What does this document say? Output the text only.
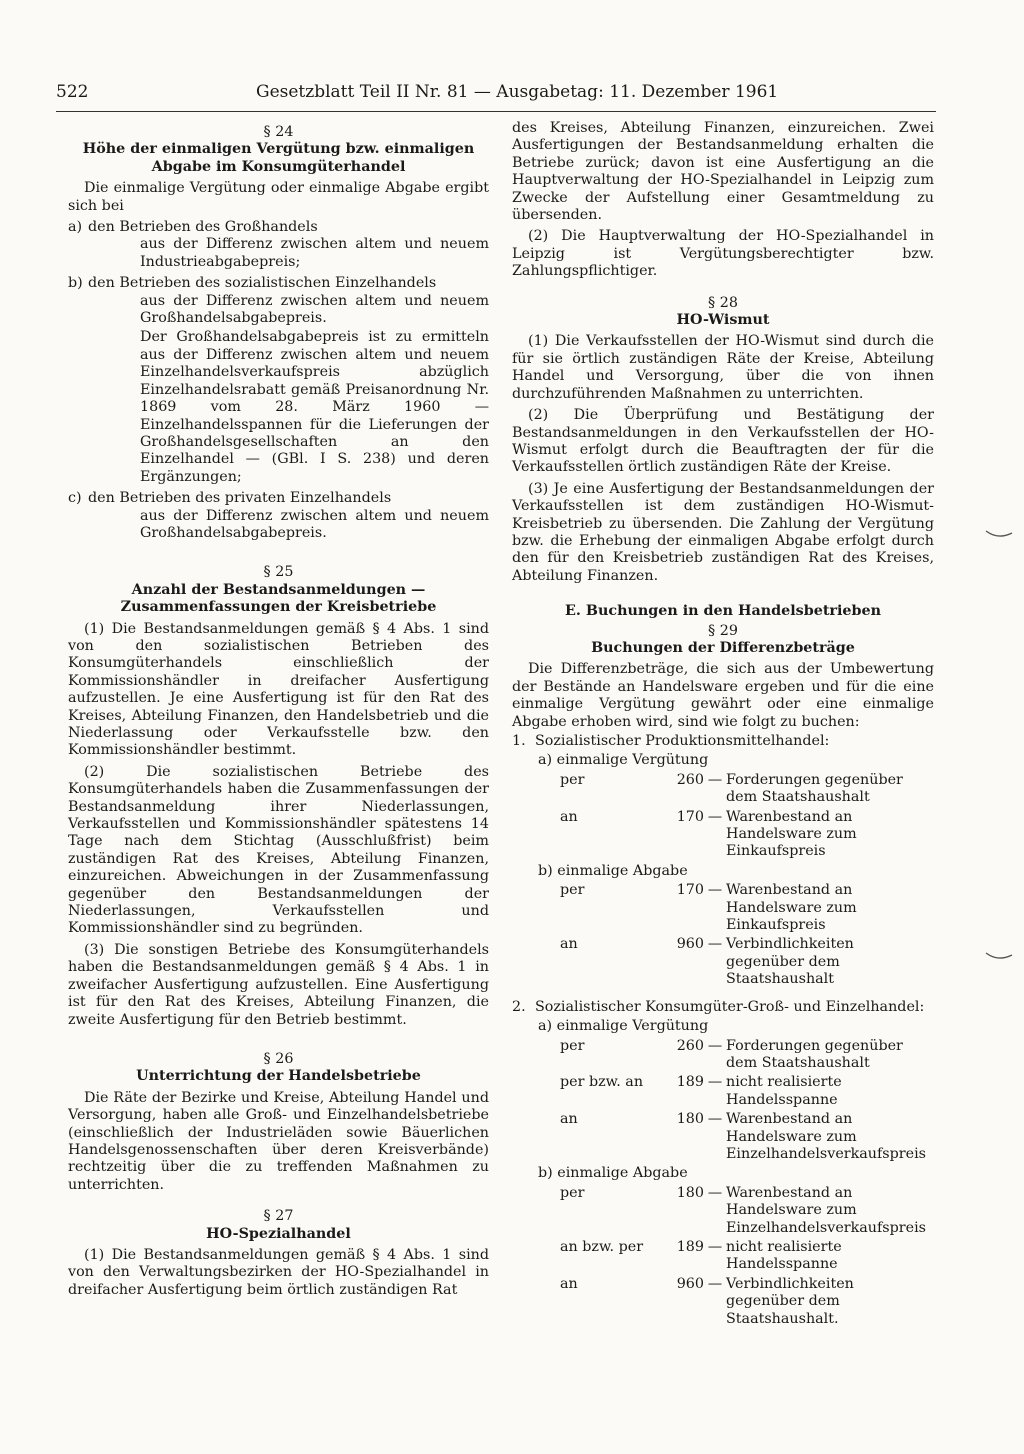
522	Gesetzblatt Teil II Nr. 81 — Ausgabetag: 11. Dezember 1961
§ 24
Höhe der einmaligen Vergütung bzw. einmaligen Abgabe im Konsumgüterhandel

Die einmalige Vergütung oder einmalige Abgabe ergibt sich bei

a) den Betrieben des Großhandels
aus der Differenz zwischen altem und neuem Industrieabgabepreis;
b) den Betrieben des sozialistischen Einzelhandels
aus der Differenz zwischen altem und neuem Großhandelsabgabepreis.
Der Großhandelsabgabepreis ist zu ermitteln aus der Differenz zwischen altem und neuem Einzelhandelsverkaufspreis abzüglich Einzelhandelsrabatt gemäß Preisanordnung Nr. 1869 vom 28. März 1960 — Einzelhandelsspannen für die Lieferungen der Großhandelsgesellschaften an den Einzelhandel — (GBl. I S. 238) und deren Ergänzungen;
c) den Betrieben des privaten Einzelhandels
aus der Differenz zwischen altem und neuem Großhandelsabgabepreis.
§ 25
Anzahl der Bestandsanmeldungen — Zusammenfassungen der Kreisbetriebe

(1) Die Bestandsanmeldungen gemäß § 4 Abs. 1 sind von den sozialistischen Betrieben des Konsumgüterhandels einschließlich der Kommissionshändler in dreifacher Ausfertigung aufzustellen. Je eine Ausfertigung ist für den Rat des Kreises, Abteilung Finanzen, den Handelsbetrieb und die Niederlassung oder Verkaufsstelle bzw. den Kommissionshändler bestimmt.

(2) Die sozialistischen Betriebe des Konsumgüterhandels haben die Zusammenfassungen der Bestandsanmeldung ihrer Niederlassungen, Verkaufsstellen und Kommissionshändler spätestens 14 Tage nach dem Stichtag (Ausschlußfrist) beim zuständigen Rat des Kreises, Abteilung Finanzen, einzureichen. Abweichungen in der Zusammenfassung gegenüber den Bestandsanmeldungen der Niederlassungen, Verkaufsstellen und Kommissionshändler sind zu begründen.

(3) Die sonstigen Betriebe des Konsumgüterhandels haben die Bestandsanmeldungen gemäß § 4 Abs. 1 in zweifacher Ausfertigung aufzustellen. Eine Ausfertigung ist für den Rat des Kreises, Abteilung Finanzen, die zweite Ausfertigung für den Betrieb bestimmt.

§ 26
Unterrichtung der Handelsbetriebe

Die Räte der Bezirke und Kreise, Abteilung Handel und Versorgung, haben alle Groß- und Einzelhandelsbetriebe (einschließlich der Industrieläden sowie Bäuerlichen Handelsgenossenschaften über deren Kreisverbände) rechtzeitig über die zu treffenden Maßnahmen zu unterrichten.

§ 27
HO-Spezialhandel

(1) Die Bestandsanmeldungen gemäß § 4 Abs. 1 sind von den Verwaltungsbezirken der HO-Spezialhandel in dreifacher Ausfertigung beim örtlich zuständigen Rat

des Kreises, Abteilung Finanzen, einzureichen. Zwei Ausfertigungen der Bestandsanmeldung erhalten die Betriebe zurück; davon ist eine Ausfertigung an die Hauptverwaltung der HO-Spezialhandel in Leipzig zum Zwecke der Aufstellung einer Gesamtmeldung zu übersenden.

(2) Die Hauptverwaltung der HO-Spezialhandel in Leipzig ist Vergütungsberechtigter bzw. Zahlungspflichtiger.

§ 28
HO-Wismut

(1) Die Verkaufsstellen der HO-Wismut sind durch die für sie örtlich zuständigen Räte der Kreise, Abteilung Handel und Versorgung, über die von ihnen durchzuführenden Maßnahmen zu unterrichten.

(2) Die Überprüfung und Bestätigung der Bestandsanmeldungen in den Verkaufsstellen der HO-Wismut erfolgt durch die Beauftragten der für die Verkaufsstellen örtlich zuständigen Räte der Kreise.

(3) Je eine Ausfertigung der Bestandsanmeldungen der Verkaufsstellen ist dem zuständigen HO-Wismut-Kreisbetrieb zu übersenden. Die Zahlung der Vergütung bzw. die Erhebung der einmaligen Abgabe erfolgt durch den für den Kreisbetrieb zuständigen Rat des Kreises, Abteilung Finanzen.

E. Buchungen in den Handelsbetrieben
§ 29
Buchungen der Differenzbeträge

Die Differenzbeträge, die sich aus der Umbewertung der Bestände an Handelsware ergeben und für die eine einmalige Vergütung gewährt oder eine einmalige Abgabe erhoben wird, sind wie folgt zu buchen:

1. Sozialistischer Produktionsmittelhandel:
a) einmalige Vergütung
per	260 — Forderungen gegenüber dem Staatshaushalt
an	170 — Warenbestand an Handelsware zum Einkaufspreis
b) einmalige Abgabe
per	170 — Warenbestand an Handelsware zum Einkaufspreis
an	960 — Verbindlichkeiten gegenüber dem Staatshaushalt
2. Sozialistischer Konsumgüter-Groß- und Einzelhandel:
a) einmalige Vergütung
per	260 — Forderungen gegenüber dem Staatshaushalt
per bzw. an	189 — nicht realisierte Handelsspanne
an	180 — Warenbestand an Handelsware zum Einzelhandelsverkaufspreis
b) einmalige Abgabe
per	180 — Warenbestand an Handelsware zum Einzelhandelsverkaufspreis
an bzw. per	189 — nicht realisierte Handelsspanne
an	960 — Verbindlichkeiten gegenüber dem Staatshaushalt.
